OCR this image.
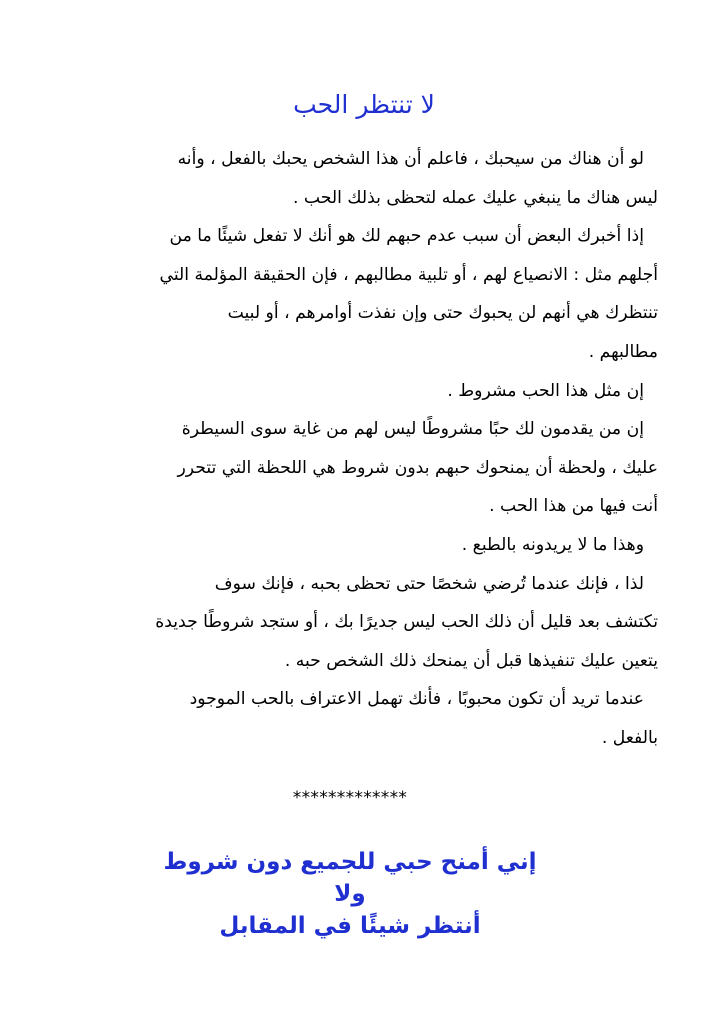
لا تنتظر الحب
لو أن هناك من سيحبك ، فاعلم أن هذا الشخص يحبك بالفعل ، وأنه
ليس هناك ما ينبغي عليك عمله لتحظى بذلك الحب .
إذا أخبرك البعض أن سبب عدم حبهم لك هو أنك لا تفعل شيئًا ما من
أجلهم مثل : الانصياع لهم ، أو تلبية مطالبهم ، فإن الحقيقة المؤلمة التي
تنتظرك هي أنهم لن يحبوك حتى وإن نفذت أوامرهم ، أو لبيت
مطالبهم .
إن مثل هذا الحب مشروط .
إن من يقدمون لك حبًا مشروطًا ليس لهم من غاية سوى السيطرة
عليك ، ولحظة أن يمنحوك حبهم بدون شروط هي اللحظة التي تتحرر
أنت فيها من هذا الحب .
وهذا ما لا يريدونه بالطبع .
لذا ، فإنك عندما تُرضي شخصًا حتى تحظى بحبه ، فإنك سوف
تكتشف بعد قليل أن ذلك الحب ليس جديرًا بك ، أو ستجد شروطًا جديدة
يتعين عليك تنفيذها قبل أن يمنحك ذلك الشخص حبه .
عندما تريد أن تكون محبوبًا ، فأنك تهمل الاعتراف بالحب الموجود
بالفعل .
*************
إني أمنح حبي للجميع دون شروط ولا
أنتظر شيئًا في المقابل
